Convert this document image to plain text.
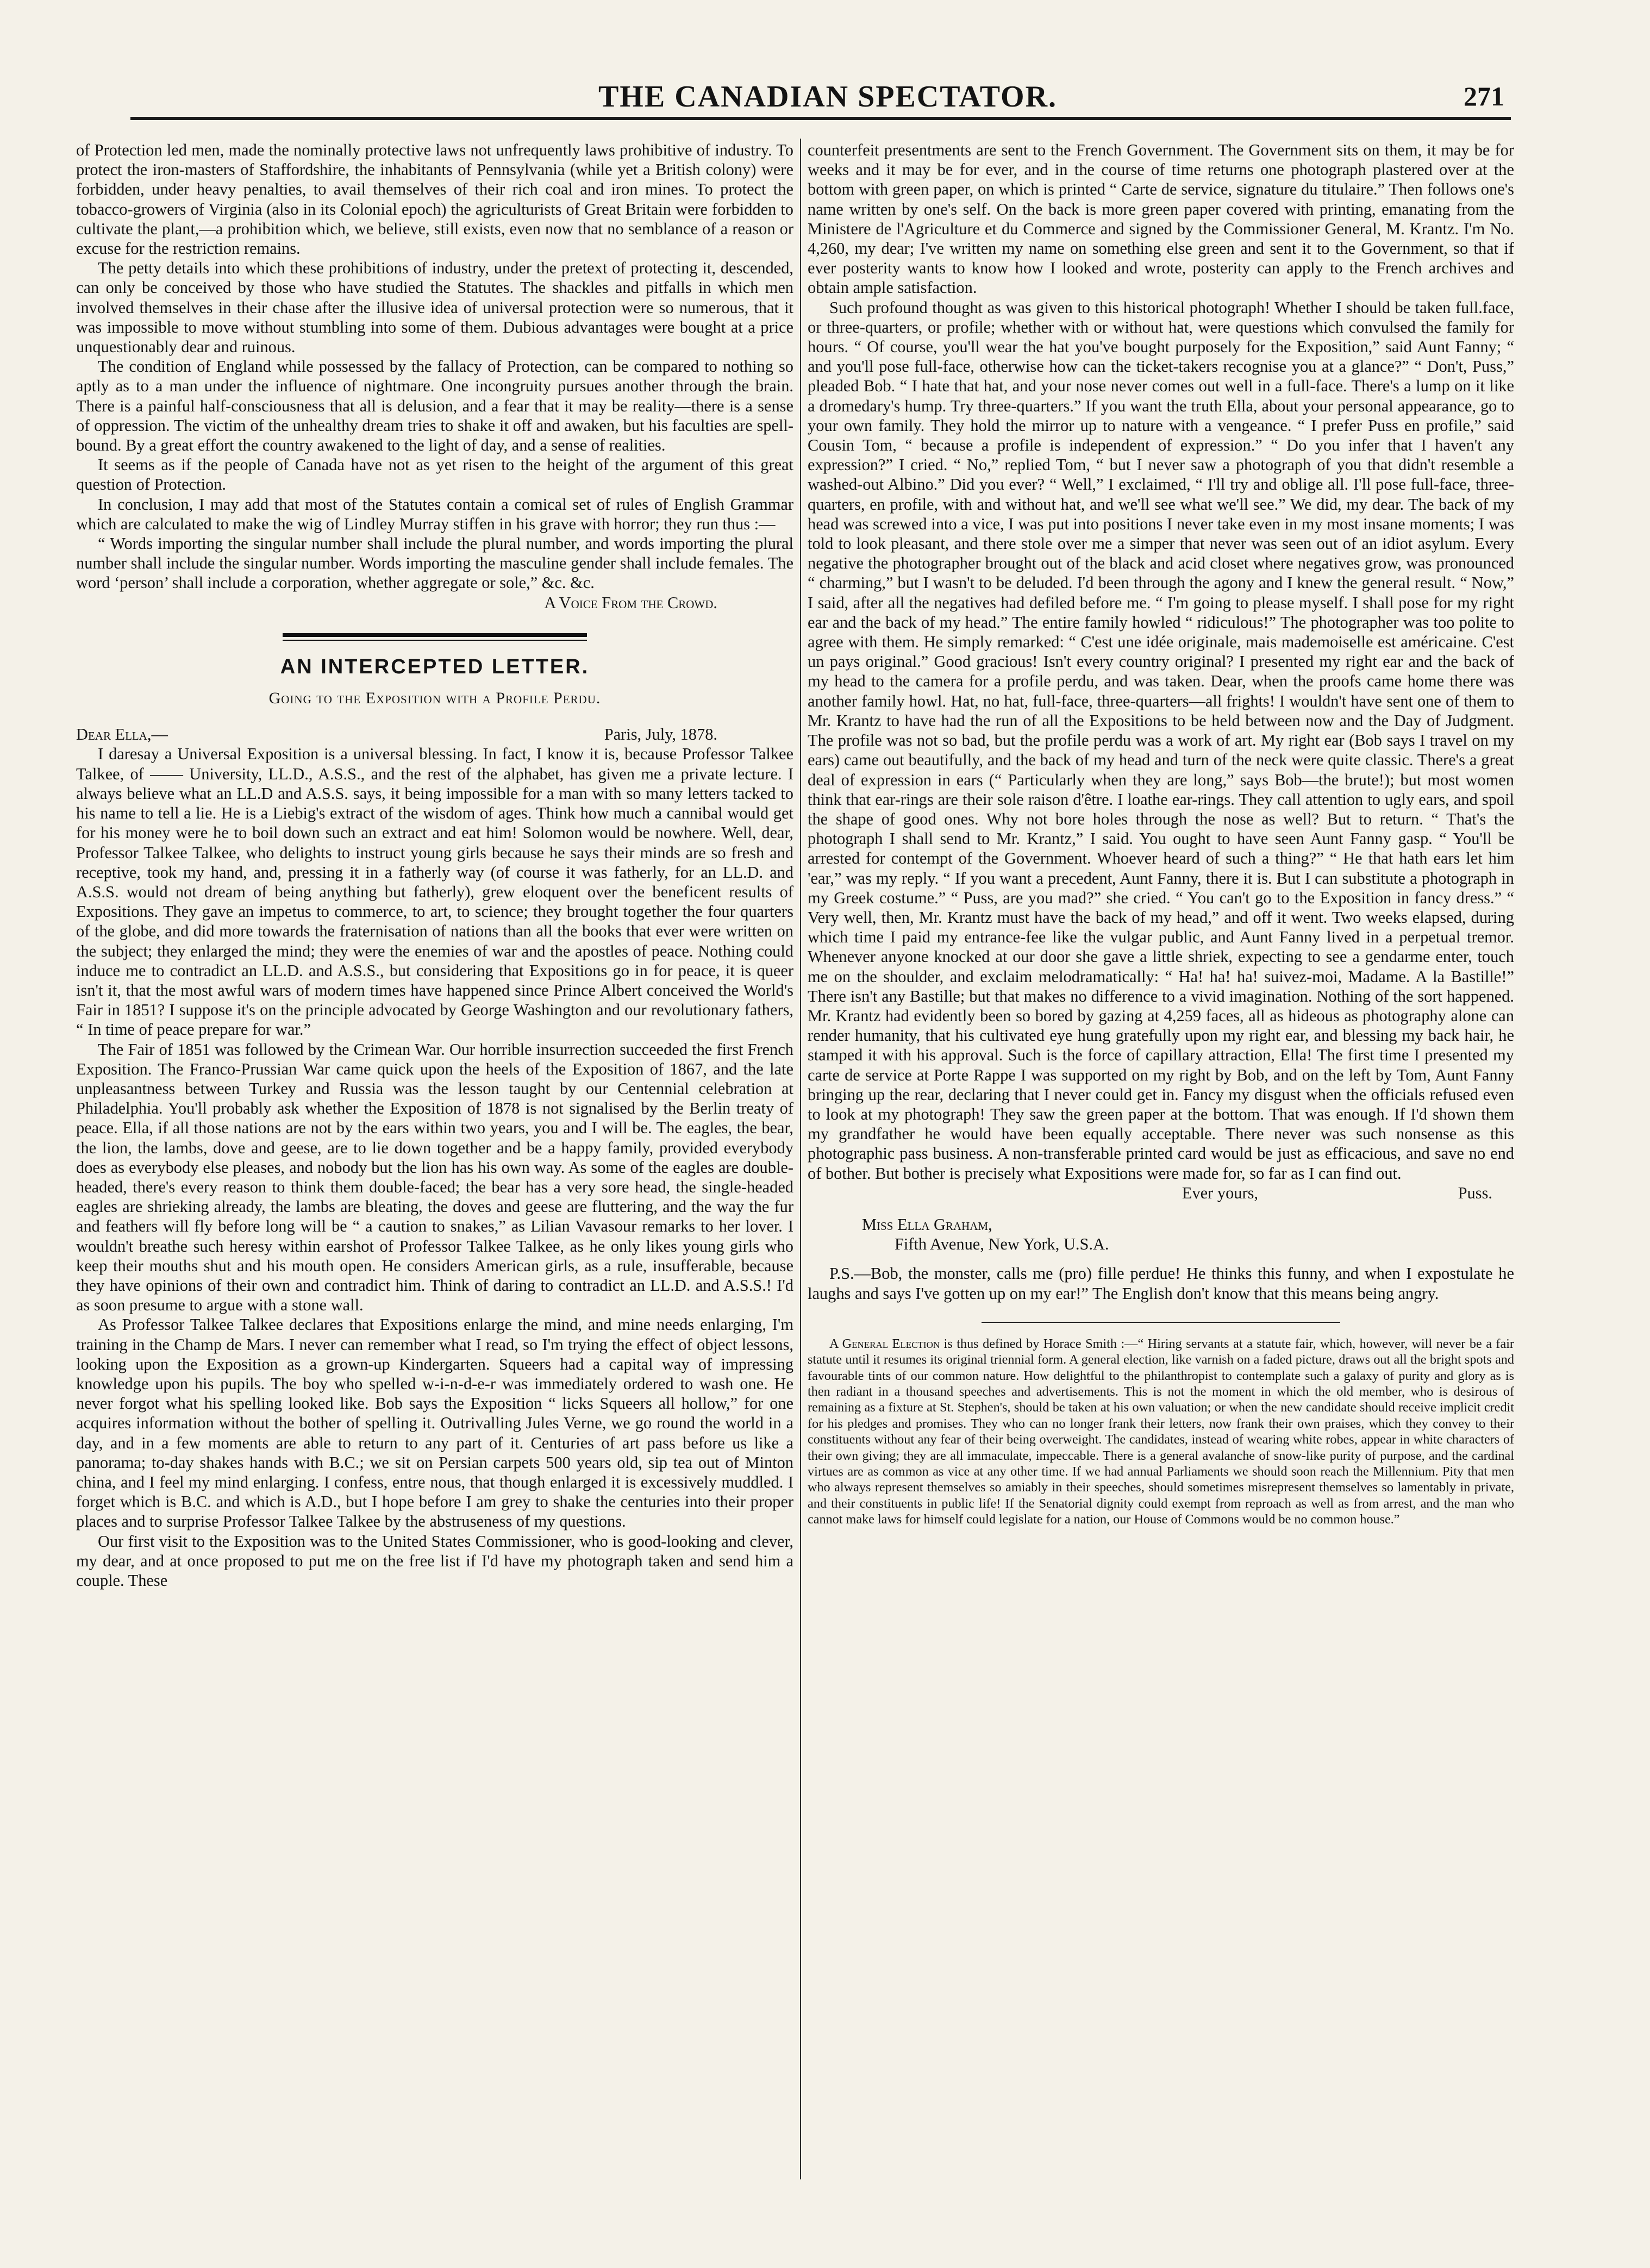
THE CANADIAN SPECTATOR.	271

of Protection led men, made the nominally protective laws not unfrequently laws prohibitive of industry. To protect the iron-masters of Staffordshire, the inhabitants of Pennsylvania (while yet a British colony) were forbidden, under heavy penalties, to avail themselves of their rich coal and iron mines. To protect the tobacco-growers of Virginia (also in its Colonial epoch) the agriculturists of Great Britain were forbidden to cultivate the plant,—a prohibition which, we believe, still exists, even now that no semblance of a reason or excuse for the restriction remains.

The petty details into which these prohibitions of industry, under the pretext of protecting it, descended, can only be conceived by those who have studied the Statutes. The shackles and pitfalls in which men involved themselves in their chase after the illusive idea of universal protection were so numerous, that it was impossible to move without stumbling into some of them. Dubious advantages were bought at a price unquestionably dear and ruinous.

The condition of England while possessed by the fallacy of Protection, can be compared to nothing so aptly as to a man under the influence of nightmare. One incongruity pursues another through the brain. There is a painful half-consciousness that all is delusion, and a fear that it may be reality—there is a sense of oppression. The victim of the unhealthy dream tries to shake it off and awaken, but his faculties are spell-bound. By a great effort the country awakened to the light of day, and a sense of realities.

It seems as if the people of Canada have not as yet risen to the height of the argument of this great question of Protection.

In conclusion, I may add that most of the Statutes contain a comical set of rules of English Grammar which are calculated to make the wig of Lindley Murray stiffen in his grave with horror; they run thus :—

“ Words importing the singular number shall include the plural number, and words importing the plural number shall include the singular number. Words importing the masculine gender shall include females. The word ‘person’ shall include a corporation, whether aggregate or sole,” &c. &c.

A Voice From the Crowd.

AN INTERCEPTED LETTER.
Going to the Exposition with a Profile Perdu.
Dear Ella,—	Paris, July, 1878.

I daresay a Universal Exposition is a universal blessing. In fact, I know it is, because Professor Talkee Talkee, of —— University, LL.D., A.S.S., and the rest of the alphabet, has given me a private lecture. I always believe what an LL.D and A.S.S. says, it being impossible for a man with so many letters tacked to his name to tell a lie. He is a Liebig's extract of the wisdom of ages. Think how much a cannibal would get for his money were he to boil down such an extract and eat him! Solomon would be nowhere. Well, dear, Professor Talkee Talkee, who delights to instruct young girls because he says their minds are so fresh and receptive, took my hand, and, pressing it in a fatherly way (of course it was fatherly, for an LL.D. and A.S.S. would not dream of being anything but fatherly), grew eloquent over the beneficent results of Expositions. They gave an impetus to commerce, to art, to science; they brought together the four quarters of the globe, and did more towards the fraternisation of nations than all the books that ever were written on the subject; they enlarged the mind; they were the enemies of war and the apostles of peace. Nothing could induce me to contradict an LL.D. and A.S.S., but considering that Expositions go in for peace, it is queer isn't it, that the most awful wars of modern times have happened since Prince Albert conceived the World's Fair in 1851? I suppose it's on the principle advocated by George Washington and our revolutionary fathers, “ In time of peace prepare for war.”

The Fair of 1851 was followed by the Crimean War. Our horrible insurrection succeeded the first French Exposition. The Franco-Prussian War came quick upon the heels of the Exposition of 1867, and the late unpleasantness between Turkey and Russia was the lesson taught by our Centennial celebration at Philadelphia. You'll probably ask whether the Exposition of 1878 is not signalised by the Berlin treaty of peace. Ella, if all those nations are not by the ears within two years, you and I will be. The eagles, the bear, the lion, the lambs, dove and geese, are to lie down together and be a happy family, provided everybody does as everybody else pleases, and nobody but the lion has his own way. As some of the eagles are double-headed, there's every reason to think them double-faced; the bear has a very sore head, the single-headed eagles are shrieking already, the lambs are bleating, the doves and geese are fluttering, and the way the fur and feathers will fly before long will be “ a caution to snakes,” as Lilian Vavasour remarks to her lover. I wouldn't breathe such heresy within earshot of Professor Talkee Talkee, as he only likes young girls who keep their mouths shut and his mouth open. He considers American girls, as a rule, insufferable, because they have opinions of their own and contradict him. Think of daring to contradict an LL.D. and A.S.S.! I'd as soon presume to argue with a stone wall.

As Professor Talkee Talkee declares that Expositions enlarge the mind, and mine needs enlarging, I'm training in the Champ de Mars. I never can remember what I read, so I'm trying the effect of object lessons, looking upon the Exposition as a grown-up Kindergarten. Squeers had a capital way of impressing knowledge upon his pupils. The boy who spelled w-i-n-d-e-r was immediately ordered to wash one. He never forgot what his spelling looked like. Bob says the Exposition “ licks Squeers all hollow,” for one acquires information without the bother of spelling it. Outrivalling Jules Verne, we go round the world in a day, and in a few moments are able to return to any part of it. Centuries of art pass before us like a panorama; to-day shakes hands with B.C.; we sit on Persian carpets 500 years old, sip tea out of Minton china, and I feel my mind enlarging. I confess, entre nous, that though enlarged it is excessively muddled. I forget which is B.C. and which is A.D., but I hope before I am grey to shake the centuries into their proper places and to surprise Professor Talkee Talkee by the abstruseness of my questions.

Our first visit to the Exposition was to the United States Commissioner, who is good-looking and clever, my dear, and at once proposed to put me on the free list if I'd have my photograph taken and send him a couple. These

counterfeit presentments are sent to the French Government. The Government sits on them, it may be for weeks and it may be for ever, and in the course of time returns one photograph plastered over at the bottom with green paper, on which is printed “ Carte de service, signature du titulaire.” Then follows one's name written by one's self. On the back is more green paper covered with printing, emanating from the Ministere de l'Agriculture et du Commerce and signed by the Commissioner General, M. Krantz. I'm No. 4,260, my dear; I've written my name on something else green and sent it to the Government, so that if ever posterity wants to know how I looked and wrote, posterity can apply to the French archives and obtain ample satisfaction.

Such profound thought as was given to this historical photograph! Whether I should be taken full.face, or three-quarters, or profile; whether with or without hat, were questions which convulsed the family for hours. “ Of course, you'll wear the hat you've bought purposely for the Exposition,” said Aunt Fanny; “ and you'll pose full-face, otherwise how can the ticket-takers recognise you at a glance?” “ Don't, Puss,” pleaded Bob. “ I hate that hat, and your nose never comes out well in a full-face. There's a lump on it like a dromedary's hump. Try three-quarters.” If you want the truth Ella, about your personal appearance, go to your own family. They hold the mirror up to nature with a vengeance. “ I prefer Puss en profile,” said Cousin Tom, “ because a profile is independent of expression.” “ Do you infer that I haven't any expression?” I cried. “ No,” replied Tom, “ but I never saw a photograph of you that didn't resemble a washed-out Albino.” Did you ever? “ Well,” I exclaimed, “ I'll try and oblige all. I'll pose full-face, three-quarters, en profile, with and without hat, and we'll see what we'll see.” We did, my dear. The back of my head was screwed into a vice, I was put into positions I never take even in my most insane moments; I was told to look pleasant, and there stole over me a simper that never was seen out of an idiot asylum. Every negative the photographer brought out of the black and acid closet where negatives grow, was pronounced “ charming,” but I wasn't to be deluded. I'd been through the agony and I knew the general result. “ Now,” I said, after all the negatives had defiled before me. “ I'm going to please myself. I shall pose for my right ear and the back of my head.” The entire family howled “ ridiculous!” The photographer was too polite to agree with them. He simply remarked: “ C'est une idée originale, mais mademoiselle est américaine. C'est un pays original.” Good gracious! Isn't every country original? I presented my right ear and the back of my head to the camera for a profile perdu, and was taken. Dear, when the proofs came home there was another family howl. Hat, no hat, full-face, three-quarters—all frights! I wouldn't have sent one of them to Mr. Krantz to have had the run of all the Expositions to be held between now and the Day of Judgment. The profile was not so bad, but the profile perdu was a work of art. My right ear (Bob says I travel on my ears) came out beautifully, and the back of my head and turn of the neck were quite classic. There's a great deal of expression in ears (“ Particularly when they are long,” says Bob—the brute!); but most women think that ear-rings are their sole raison d'être. I loathe ear-rings. They call attention to ugly ears, and spoil the shape of good ones. Why not bore holes through the nose as well? But to return. “ That's the photograph I shall send to Mr. Krantz,” I said. You ought to have seen Aunt Fanny gasp. “ You'll be arrested for contempt of the Government. Whoever heard of such a thing?” “ He that hath ears let him 'ear,” was my reply. “ If you want a precedent, Aunt Fanny, there it is. But I can substitute a photograph in my Greek costume.” “ Puss, are you mad?” she cried. “ You can't go to the Exposition in fancy dress.” “ Very well, then, Mr. Krantz must have the back of my head,” and off it went. Two weeks elapsed, during which time I paid my entrance-fee like the vulgar public, and Aunt Fanny lived in a perpetual tremor. Whenever anyone knocked at our door she gave a little shriek, expecting to see a gendarme enter, touch me on the shoulder, and exclaim melodramatically: “ Ha! ha! ha! suivez-moi, Madame. A la Bastille!” There isn't any Bastille; but that makes no difference to a vivid imagination. Nothing of the sort happened. Mr. Krantz had evidently been so bored by gazing at 4,259 faces, all as hideous as photography alone can render humanity, that his cultivated eye hung gratefully upon my right ear, and blessing my back hair, he stamped it with his approval. Such is the force of capillary attraction, Ella! The first time I presented my carte de service at Porte Rappe I was supported on my right by Bob, and on the left by Tom, Aunt Fanny bringing up the rear, declaring that I never could get in. Fancy my disgust when the officials refused even to look at my photograph! They saw the green paper at the bottom. That was enough. If I'd shown them my grandfather he would have been equally acceptable. There never was such nonsense as this photographic pass business. A non-transferable printed card would be just as efficacious, and save no end of bother. But bother is precisely what Expositions were made for, so far as I can find out.

Ever yours,	Puss.

Miss Ella Graham,
Fifth Avenue, New York, U.S.A.

P.S.—Bob, the monster, calls me (pro) fille perdue! He thinks this funny, and when I expostulate he laughs and says I've gotten up on my ear!” The English don't know that this means being angry.

A General Election is thus defined by Horace Smith :—“ Hiring servants at a statute fair, which, however, will never be a fair statute until it resumes its original triennial form. A general election, like varnish on a faded picture, draws out all the bright spots and favourable tints of our common nature. How delightful to the philanthropist to contemplate such a galaxy of purity and glory as is then radiant in a thousand speeches and advertisements. This is not the moment in which the old member, who is desirous of remaining as a fixture at St. Stephen's, should be taken at his own valuation; or when the new candidate should receive implicit credit for his pledges and promises. They who can no longer frank their letters, now frank their own praises, which they convey to their constituents without any fear of their being overweight. The candidates, instead of wearing white robes, appear in white characters of their own giving; they are all immaculate, impeccable. There is a general avalanche of snow-like purity of purpose, and the cardinal virtues are as common as vice at any other time. If we had annual Parliaments we should soon reach the Millennium. Pity that men who always represent themselves so amiably in their speeches, should sometimes misrepresent themselves so lamentably in private, and their constituents in public life! If the Senatorial dignity could exempt from reproach as well as from arrest, and the man who cannot make laws for himself could legislate for a nation, our House of Commons would be no common house.”
